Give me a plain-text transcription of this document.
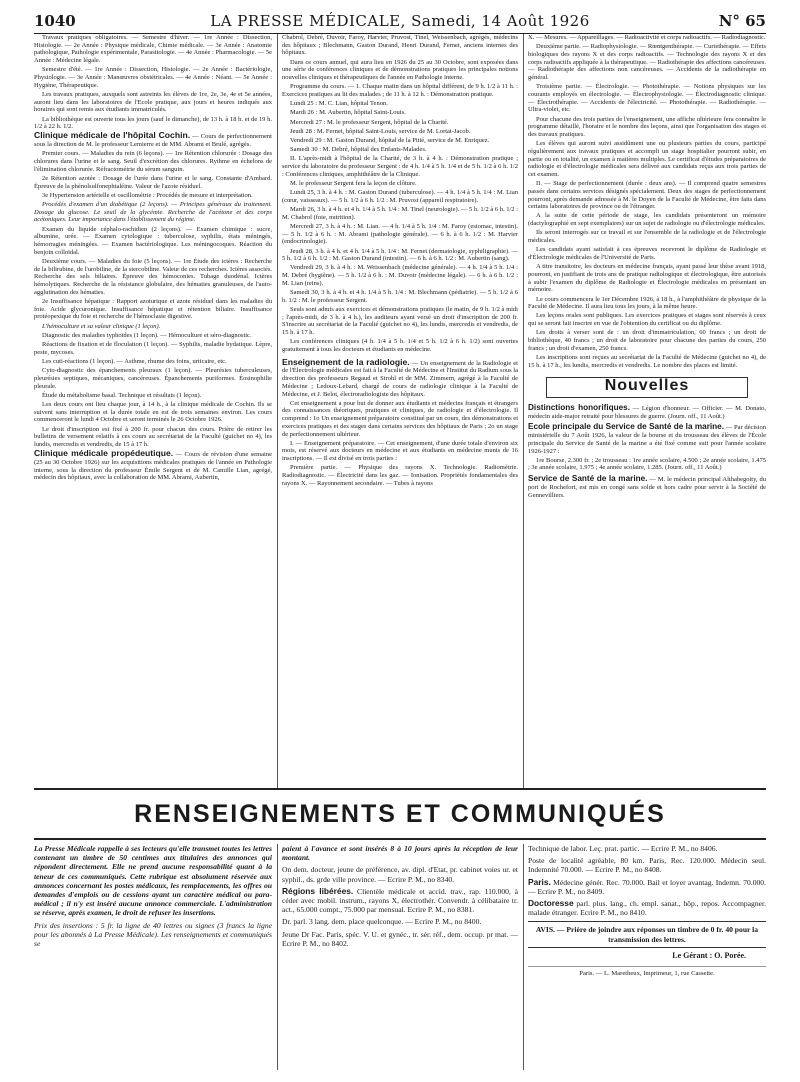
1040	LA PRESSE MÉDICALE, Samedi, 14 Août 1926	N° 65

Travaux pratiques obligatoires. — Semestre d'hiver. — 1re Année : Dissection, Histologie. — 2e Année : Physique médicale, Chimie médicale. — 3e Année : Anatomie pathologique, Pathologie expérimentale, Parasitologie. — 4e Année : Pharmacologie. — 5e Année : Médecine légale.

Semestre d'été. — 1re Année : Dissection, Histologie. — 2e Année : Bactériologie, Physiologie. — 3e Année : Manœuvres obstétricales. — 4e Année : Néant. — 5e Année : Hygiène, Thérapeutique.

Les travaux pratiques, auxquels sont astreints les élèves de 1re, 2e, 3e, 4e et 5e années, auront lieu dans les laboratoires de l'Ecole pratique, aux jours et heures indiqués aux horaires qui sont remis aux étudiants immatriculés.

La bibliothèque est ouverte tous les jours (sauf le dimanche), de 13 h. à 18 h. et de 19 h. 1/2 à 22 h. 1/2.

Clinique médicale de l'hôpital Cochin. — Cours de perfectionnement sous la direction de M. le professeur Lemierre et de MM. Abrami et Brulé, agrégés.

Premier cours. — Maladies du rein (6 leçons). — 1re Rétention chlorurée : Dosage des chlorures dans l'urine et le sang. Seuil d'excrétion des chlorures. Rythme en échelons de l'élimination chlorurée. Réfractométrie du sérum sanguin.

2e Rétention azotée : Dosage de l'urée dans l'urine et le sang. Constante d'Ambard. Épreuve de la phénolsulfonephtaléine. Valeur de l'azote résiduel.

3e Hypertension artérielle et oscillométrie : Procédés de mesure et interprétation.

Procédés d'examen d'un diabétique (2 leçons). — Principes généraux du traitement. Dosage du glucose. Le seuil de la glycémie. Recherche de l'acétone et des corps acétoniques. Leur importance dans l'établissement du régime.

Examen du liquide céphalo-rachidien (2 leçons). — Examen chimique : sucre, albumine, urée. — Examen cytologique : tuberculose, syphilis, états méningés, hémorragies méningées. — Examen bactériologique. Les méningocoques. Réaction du benjoin colloïdal.

Deuxième cours. — Maladies du foie (5 leçons). — 1re Étude des ictères : Recherche de la bilirubine, de l'urobiline, de la stercobiline. Valeur de ces recherches. Ictères associés. Recherche des sels biliaires. Épreuve des hémoconies. Tubage duodénal. Ictères hémolytiques. Recherche de la résistance globulaire, des hématies granuleuses, de l'auto-agglutination des hématies.

2e Insuffisance hépatique : Rapport azoturique et azote résiduel dans les maladies du foie. Acide glycuronique. Insuffisance hépatique et rétention biliaire. Insuffisance protéopexique du foie et recherche de l'hémoclasie digestive.

L'hémoculture et sa valeur clinique (1 leçon).

Diagnostic des maladies typhoïdes (1 leçon). — Hémoculture et séro-diagnostic.

Réactions de fixation et de floculation (1 leçon). — Syphilis, maladie hydatique. Lèpre, peste, mycoses.

Les cuti-réactions (1 leçon). — Asthme, rhume des foins, urticaire, etc.

Cyto-diagnostic des épanchements pleuraux (1 leçon). — Pleurésies tuberculeuses, pleurésies septiques, mécaniques, cancéreuses. Épanchements puriformes. Éosinophilie pleurale.

Étude du métabolisme basal. Technique et résultats (1 leçon).

Les deux cours ont lieu chaque jour, à 14 h., à la clinique médicale de Cochin. Ils se suivent sans interruption et la durée totale en est de trois semaines environ. Les cours commenceront le lundi 4 Octobre et seront terminés le 26 Octobre 1926.

Le droit d'inscription est fixé à 200 fr. pour chacun des cours. Prière de retirer les bulletins de versement relatifs à ces cours au secrétariat de la Faculté (guichet no 4), les lundis, mercredis et vendredis, de 15 à 17 h.

Clinique médicale propédeutique. — Cours de révision d'une semaine (25 au 30 Octobre 1926) sur les acquisitions médicales pratiques de l'année en Pathologie interne, sous la direction du professeur Émile Sergent et de M. Camille Lian, agrégé, médecin des hôpitaux, avec la collaboration de MM. Abrami, Aubertin,

Chabrol, Debré, Duvoir, Faroy, Harvier, Pruvost, Tinel, Weissenbach, agrégés, médecins des hôpitaux ; Blechmann, Gaston Durand, Henri Durand, Fernet, anciens internes des hôpitaux.

Dans ce cours annuel, qui aura lieu en 1926 du 25 au 30 Octobre, sont exposées dans une série de conférences cliniques et de démonstrations pratiques les principales notions nouvelles cliniques et thérapeutiques de l'année en Pathologie interne.

Programme du cours. — 1. Chaque matin dans un hôpital différent, de 9 h. 1/2 à 11 h. : Exercices pratiques au lit des malades ; de 11 h. à 12 h. : Démonstration pratique.

Lundi 25 : M. C. Lian, hôpital Tenon.

Mardi 26 : M. Aubertin, hôpital Saint-Louis.

Mercredi 27 : M. le professeur Sergent, hôpital de la Charité.

Jeudi 28 : M. Fernet, hôpital Saint-Louis, service de M. Lortat-Jacob.

Vendredi 29 : M. Gaston Durand, hôpital de la Pitié, service de M. Enriquez.

Samedi 30 : M. Debré, hôpital des Enfants-Malades.

II. L'après-midi à l'hôpital de la Charité, de 3 h. à 4 h. : Démonstration pratique ; service du laboratoire du professeur Sergent : de 4 h. 1/4 à 5 h. 1/4 et de 5 h. 1/2 à 6 h. 1/2 : Conférences cliniques, amphithéâtre de la Clinique.

M. le professeur Sergent fera la leçon de clôture.

Lundi 25, 3 h. à 4 h. : M. Gaston Durand (tuberculose). — 4 h. 1/4 à 5 h. 1/4 : M. Lian (cœur, vaisseaux). — 5 h. 1/2 à 6 h. 1/2 : M. Pruvost (appareil respiratoire).

Mardi 26, 3 h. à 4 h. et 4 h. 1/4 à 5 h. 1/4 : M. Tinel (neurologie). — 5 h. 1/2 à 6 h. 1/2 : M. Chabrol (foie, nutrition).

Mercredi 27, 3 h. à 4 h. : M. Lian. — 4 h. 1/4 à 5 h. 1/4 : M. Faroy (estomac, intestin). — 5 h. 1/2 à 6 h. : M. Abrami (pathologie générale). — 6 h. à 6 h. 1/2 : M. Harvier (endocrinologie).

Jeudi 28, 3 h. à 4 h. et 4 h. 1/4 à 5 h. 1/4 : M. Fernet (dermatologie, syphiligraphie). — 5 h. 1/2 à 6 h. 1/2 : M. Gaston Durand (intestin). — 6 h. à 6 h. 1/2 : M. Aubertin (sang).

Vendredi 29, 3 h. à 4 h. : M. Weissenbach (médecine générale). — 4 h. 1/4 à 5 h. 1/4 : M. Debré (hygiène). — 5 h. 1/2 à 6 h. : M. Duvoir (médecine légale). — 6 h. à 6 h. 1/2 : M. Lian (reins).

Samedi 30, 3 h. à 4 h. et 4 h. 1/4 à 5 h. 1/4 : M. Blechmann (pédiatrie). — 5 h. 1/2 à 6 h. 1/2 : M. le professeur Sergent.

Seuls sont admis aux exercices et démonstrations pratiques (le matin, de 9 h. 1/2 à midi ; l'après-midi, de 3 h. à 4 h.), les auditeurs ayant versé un droit d'inscription de 200 fr. S'inscrire au secrétariat de la Faculté (guichet no 4), les lundis, mercredis et vendredis, de 15 h. à 17 h.

Les conférences cliniques (4 h. 1/4 à 5 h. 1/4 et 5 h. 1/2 à 6 h. 1/2) sont ouvertes gratuitement à tous les docteurs et étudiants en médecine.

Enseignement de la radiologie. — Un enseignement de la Radiologie et de l'Électrologie médicales est fait à la Faculté de Médecine et l'Institut du Radium sous la direction des professeurs Regaud et Strohl et de MM. Zimmern, agrégé à la Faculté de Médecine ; Ledoux-Lebard, chargé de cours de radiologie clinique à la Faculté de Médecine, et J. Belot, électroradiologiste des hôpitaux.

Cet enseignement a pour but de donner aux étudiants et médecins français et étrangers des connaissances théoriques, pratiques et cliniques, de radiologie et d'électrologie. Il comprend : 1o Un enseignement préparatoire constitué par un cours, des démonstrations et exercices pratiques et des stages dans certains services des hôpitaux de Paris ; 2o un stage de perfectionnement ultérieur.

I. — Enseignement préparatoire. — Cet enseignement, d'une durée totale d'environ six mois, est réservé aux docteurs en médecine et aux étudiants en médecine munis de 16 inscriptions. — Il est divisé en trois parties :

Première partie. — Physique des rayons X. Technologie. Radiométrie. Radiodiagnostic. — Électricité dans les gaz. — Ionisation. Propriétés fondamentales des rayons X. — Rayonnement secondaire. — Tubes à rayons

X. — Mesures. — Appareillages. — Radioactivité et corps radioactifs. — Radiodiagnostic.

Deuxième partie. — Radiophysiologie. — Rœntgenthérapie. — Curiethérapie. — Effets biologiques des rayons X et des corps radioactifs. — Technologie des rayons X et des corps radioactifs appliquée à la thérapeutique. — Radiothérapie des affections cancéreuses. — Radiothérapie des affections non cancéreuses. — Accidents de la radiothérapie en général.

Troisième partie. — Électrologie. — Photothérapie. — Notions physiques sur les courants employés en électrologie. — Électrophysiologie. — Électrodiagnostic clinique. — Électrothérapie. — Accidents de l'électricité. — Photothérapie. — Radiothérapie. — Ultra-violet, etc.

Pour chacune des trois parties de l'enseignement, une affiche ultérieure fera connaître le programme détaillé, l'horaire et le nombre des leçons, ainsi que l'organisation des stages et des travaux pratiques.

Les élèves qui auront suivi assidûment une ou plusieurs parties du cours, participé régulièrement aux travaux pratiques et accompli un stage hospitalier pourront subir, en partie ou en totalité, un examen à matières multiples. Le certificat d'études préparatoires de radiologie et d'électrologie médicales sera délivré aux candidats reçus aux trois parties de cet examen.

II. — Stage de perfectionnement (durée : deux ans). — Il comprend quatre semestres passés dans certains services désignés spécialement. Deux des stages de perfectionnement pourront, après demande adressée à M. le Doyen de la Faculté de Médecine, être faits dans certains laboratoires de province ou de l'étranger.

A la suite de cette période de stage, les candidats présenteront un mémoire (dactylographié en sept exemplaires) sur un sujet de radiologie ou d'électrologie médicales.

Ils seront interrogés sur ce travail et sur l'ensemble de la radiologie et de l'électrologie médicales.

Les candidats ayant satisfait à ces épreuves recevront le diplôme de Radiologie et d'Électrologie médicales de l'Université de Paris.

A titre transitoire, les docteurs en médecine français, ayant passé leur thèse avant 1918, pourront, en justifiant de trois ans de pratique radiologique et électrologique, être autorisés à subir l'examen du diplôme de Radiologie et Électrologie médicales en présentant un mémoire.

Le cours commencera le 1er Décembre 1926, à 18 h., à l'amphithéâtre de physique de la Faculté de Médecine. Il aura lieu tous les jours, à la même heure.

Les leçons orales sont publiques. Les exercices pratiques et stages sont réservés à ceux qui se seront fait inscrire en vue de l'obtention du certificat ou du diplôme.

Les droits à verser sont de : un droit d'immatriculation, 60 francs ; un droit de bibliothèque, 40 francs ; un droit de laboratoire pour chacune des parties du cours, 250 francs ; un droit d'examen, 250 francs.

Les inscriptions sont reçues au secrétariat de la Faculté de Médecine (guichet no 4), de 15 h. à 17 h., les lundis, mercredis et vendredis. Le nombre des places est limité.

Nouvelles

Distinctions honorifiques. — Légion d'honneur. — Officier. — M. Donato, médecin aide-major retraité pour blessures de guerre. (Journ. off., 11 Août.)

Ecole principale du Service de Santé de la marine. — Par décision ministérielle du 7 Août 1926, la valeur de la bourse et du trousseau des élèves de l'École principale du Service de Santé de la marine a été fixé comme suit pour l'année scolaire 1926-1927 :

1re Bourse, 2.300 fr. ; 2e trousseau : 1re année scolaire, 4.500 ; 2e année scolaire, 1.475 ; 3e année scolaire, 1.975 ; 4e année scolaire, 1.285. (Journ. off., 11 Août.)

Service de Santé de la marine. — M. le médecin principal Althabegoity, du port de Rochefort, est mis en congé sans solde et hors cadre pour servir à la Société de Gennevilliers.

RENSEIGNEMENTS ET COMMUNIQUÉS

La Presse Médicale rappelle à ses lecteurs qu'elle transmet toutes les lettres contenant un timbre de 50 centimes aux titulaires des annonces qui répondent directement. Elle ne prend aucune responsabilité quant à la teneur de ces communiqués. Cette rubrique est absolument réservée aux annonces concernant les postes médicaux, les remplacements, les offres ou demandes d'emplois ou de cessions ayant un caractère médical ou para-médical ; il n'y est inséré aucune annonce commerciale. L'administration se réserve, après examen, le droit de refuser les insertions.

Prix des insertions : 5 fr. la ligne de 40 lettres ou signes (3 francs la ligne pour les abonnés à La Presse Médicale). Les renseignements et communiqués se

paient à l'avance et sont insérés 8 à 10 jours après la réception de leur montant.

On dem. docteur, jeune de préférence, av. dipl. d'Etat, pr. cabinet voies ur. et syphil., ds. grde ville province. — Ecrire P. M., no 8340.

Régions libérées. Clientèle médicale et accid. trav., rap. 110.000, à céder avec mobil. instrum., rayons X, électrothér. Convendr. à célibataire tr. act., 65.000 compt., 75.000 par mensual. Ecrire P. M., no 8381.

Dr. parl. 3 lang. dem. place quelconque. — Ecrire P. M., no 8400.

Jeune Dr Fac. Paris, spéc. V. U. et gynéc., tr. sér. réf., dem. occup. pr mat. — Ecrire P. M., no 8402.

Technique de labor. Leç. prat. partic. — Ecrire P. M., no 8406.

Poste de localité agréable, 80 km. Paris, Rec. 120.000. Médecin seul. Indemnité 70.000. — Ecrire P. M., no 8408.

Paris. Médecine génér. Rec. 70.000. Bail et loyer avantag. Indemn. 70.000. — Ecrire P. M., no 8409.

Doctoresse parl. plus. lang., ch. empl. sanat., hôp., repos. Accompagner. malade étranger. Ecrire P. M., no 8410.

AVIS. — Prière de joindre aux réponses un timbre de 0 fr. 40 pour la transmission des lettres.
Le Gérant : O. Porée.
Paris. — L. Maretheux, Imprimeur, 1, rue Cassette.
